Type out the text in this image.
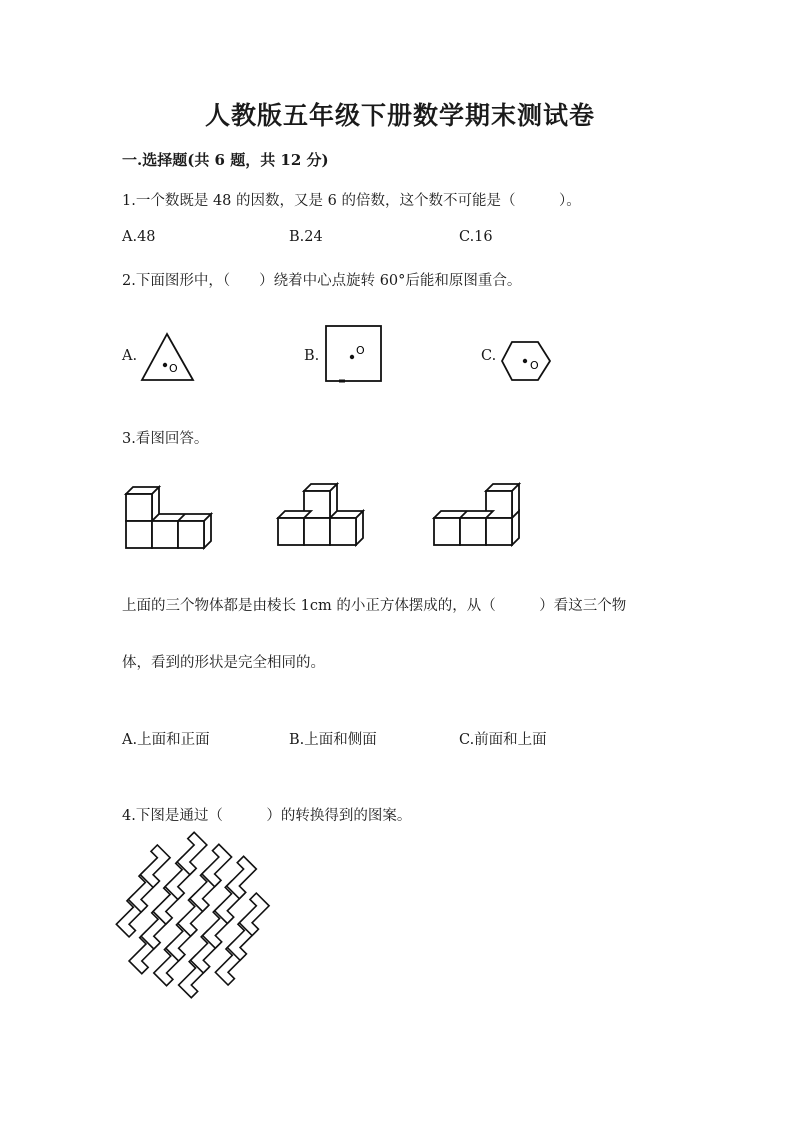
人教版五年级下册数学期末测试卷
一.选择题(共 6 题，共 12 分)
1.一个数既是 48 的因数，又是 6 的倍数，这个数不可能是（　　　）。
A.48	B.24	C.16
2.下面图形中，（　　）绕着中心点旋转 60°后能和原图重合。
A.	B.	C.
O
O
O
3.看图回答。
上面的三个物体都是由棱长 1cm 的小正方体摆成的，从（　　　）看这三个物
体，看到的形状是完全相同的。
A.上面和正面	B.上面和侧面	C.前面和上面
4.下图是通过（　　　）的转换得到的图案。
